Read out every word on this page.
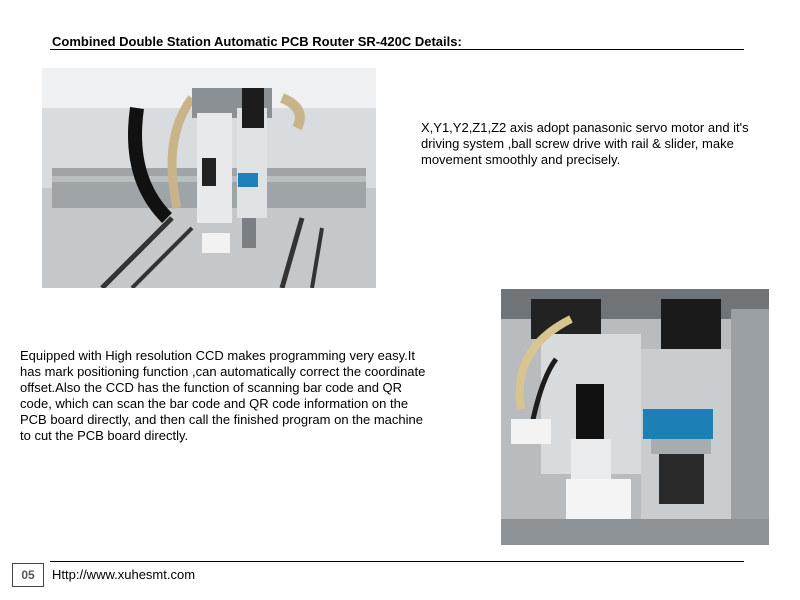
Combined Double Station Automatic PCB Router SR-420C Details:
X,Y1,Y2,Z1,Z2 axis adopt panasonic servo motor and it's driving system ,ball screw drive with rail & slider, make movement smoothly and precisely.
Equipped with High resolution CCD makes programming very easy.It has mark positioning function ,can automatically correct the coordinate offset.Also the CCD has the function of scanning bar code and QR code, which can scan the bar code and QR code information on the PCB board directly, and then call the finished program on the machine to cut the PCB board directly.
05	Http://www.xuhesmt.com
